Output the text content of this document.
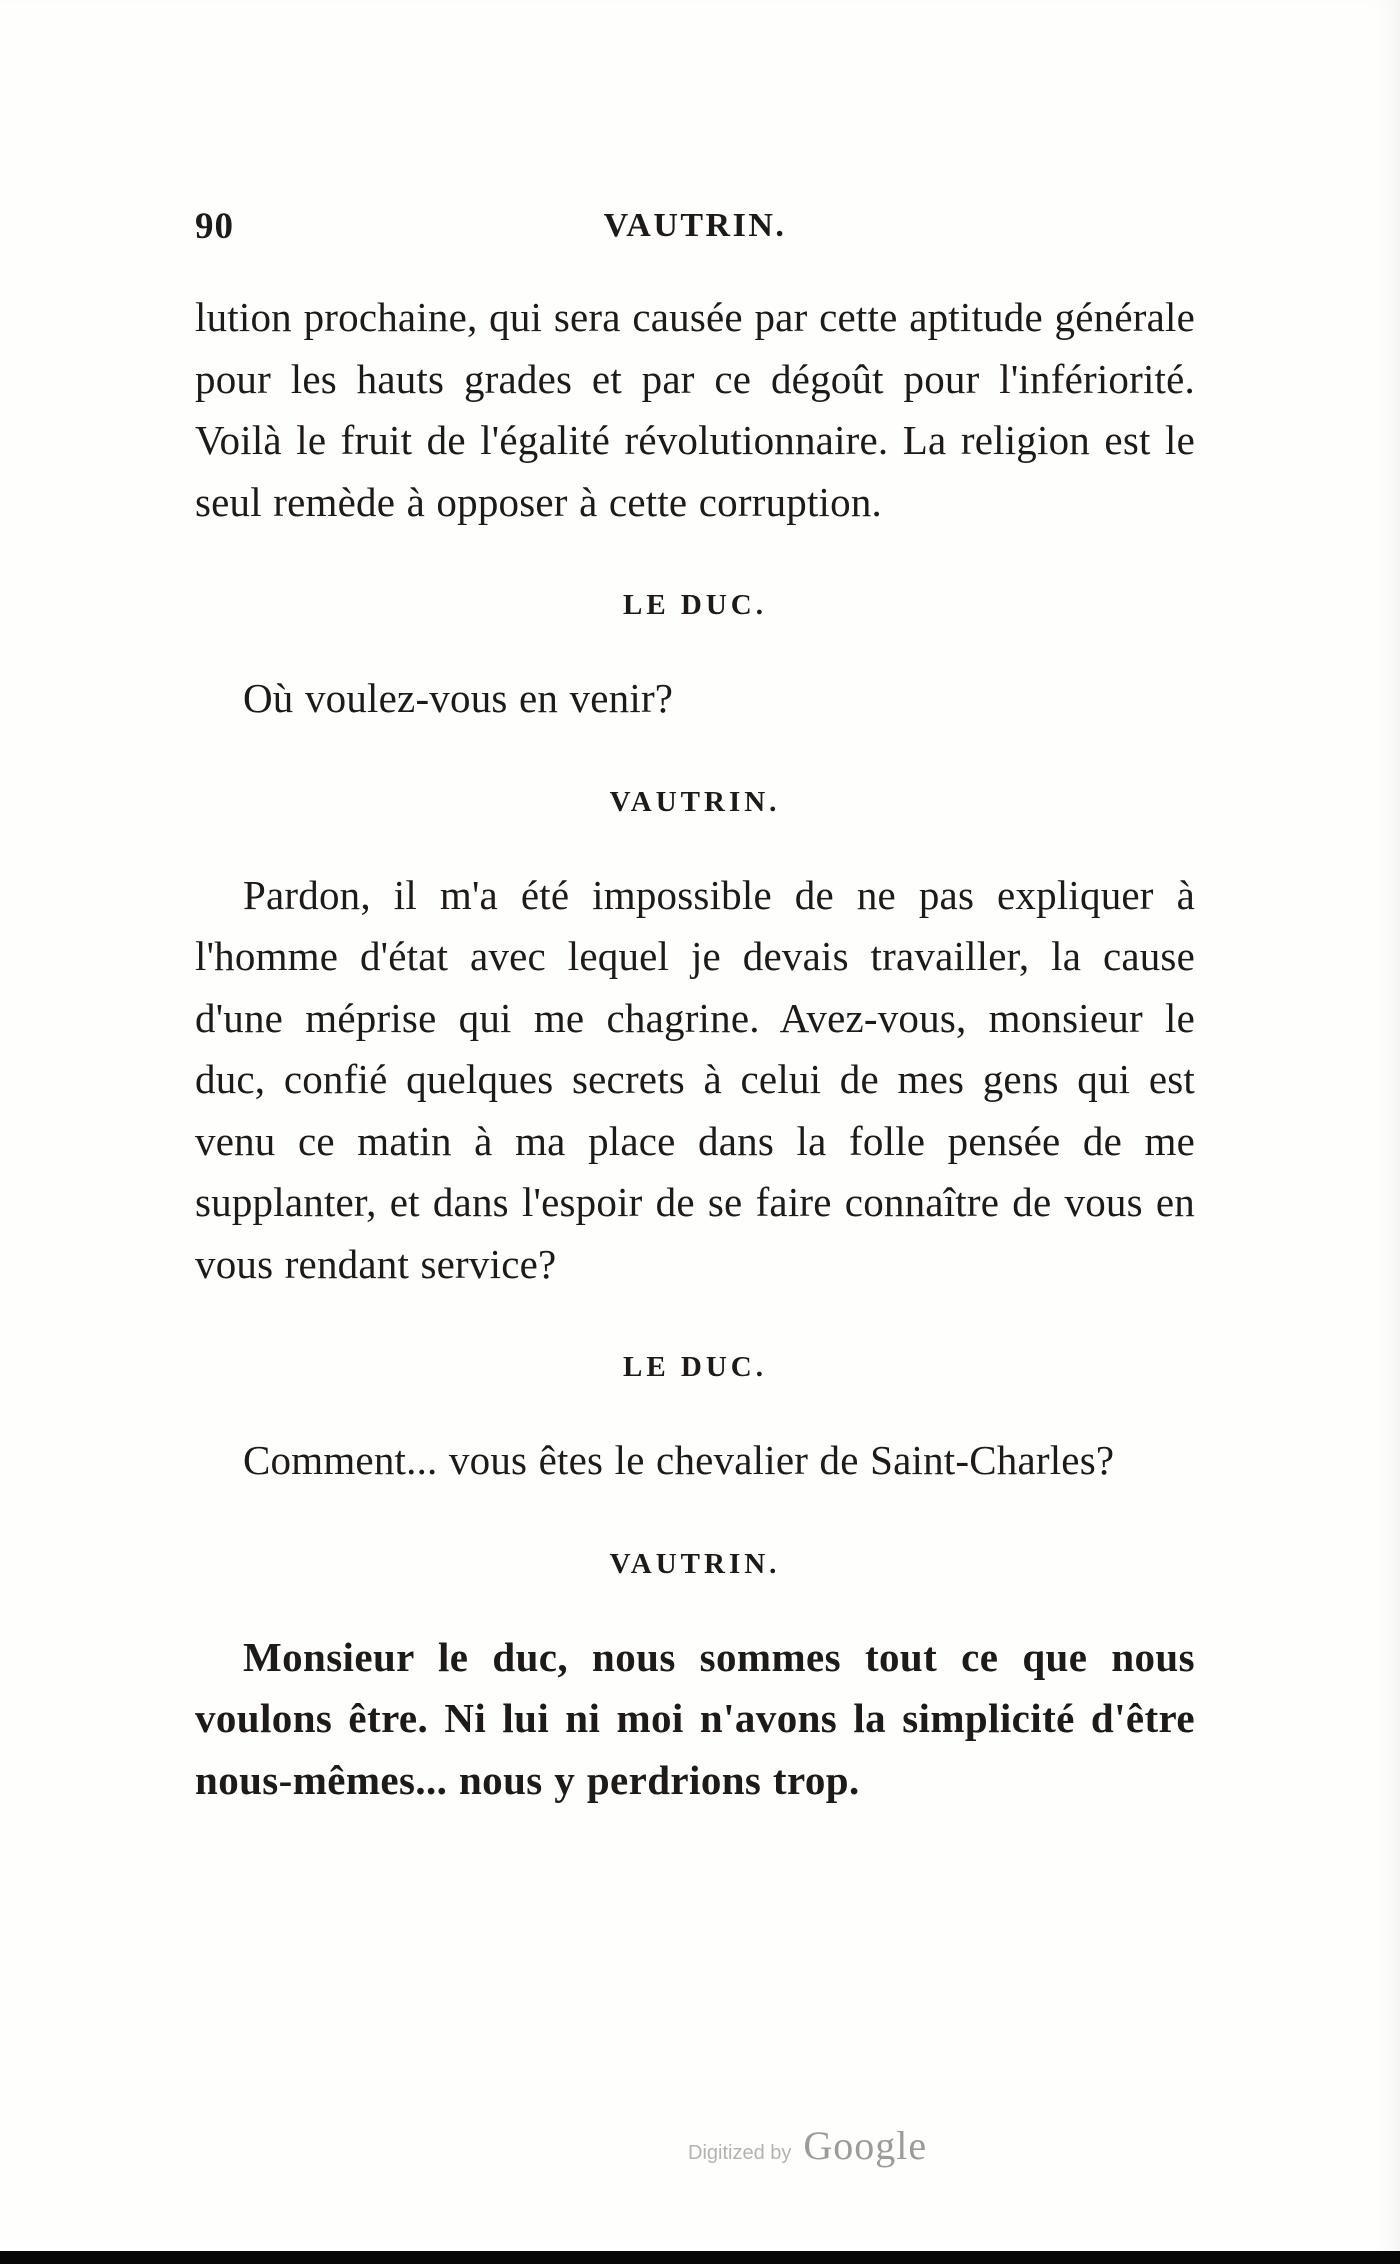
90	VAUTRIN.

lution prochaine, qui sera causée par cette aptitude générale pour les hauts grades et par ce dégoût pour l'infériorité. Voilà le fruit de l'égalité révolutionnaire. La religion est le seul remède à opposer à cette corruption.

LE DUC.

Où voulez-vous en venir?

VAUTRIN.

Pardon, il m'a été impossible de ne pas expliquer à l'homme d'état avec lequel je devais travailler, la cause d'une méprise qui me chagrine. Avez-vous, monsieur le duc, confié quelques secrets à celui de mes gens qui est venu ce matin à ma place dans la folle pensée de me supplanter, et dans l'espoir de se faire connaître de vous en vous rendant service?

LE DUC.

Comment... vous êtes le chevalier de Saint-Charles?

VAUTRIN.

Monsieur le duc, nous sommes tout ce que nous voulons être. Ni lui ni moi n'avons la simplicité d'être nous-mêmes... nous y perdrions trop.

Digitized by Google
